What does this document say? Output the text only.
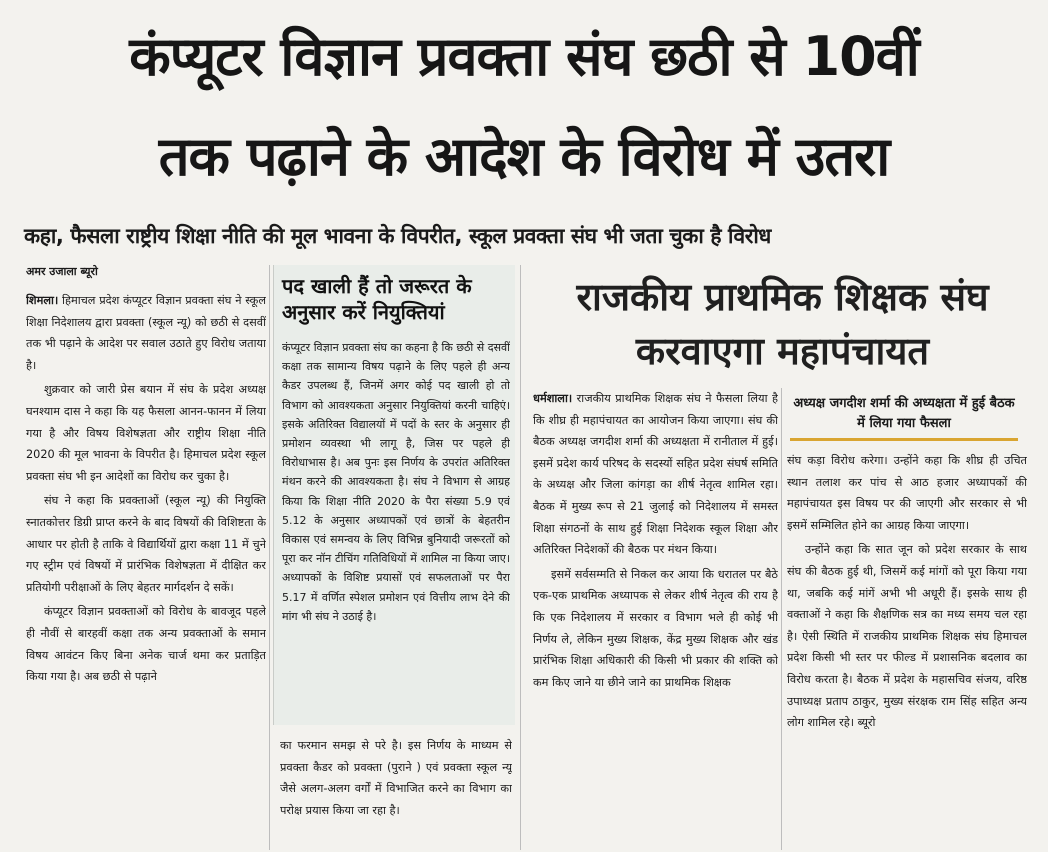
कंप्यूटर विज्ञान प्रवक्ता संघ छठी से 10वीं
तक पढ़ाने के आदेश के विरोध में उतरा
कहा, फैसला राष्ट्रीय शिक्षा नीति की मूल भावना के विपरीत, स्कूल प्रवक्ता संघ भी जता चुका है विरोध
अमर उजाला ब्यूरो

शिमला। हिमाचल प्रदेश कंप्यूटर विज्ञान प्रवक्ता संघ ने स्कूल शिक्षा निदेशालय द्वारा प्रवक्ता (स्कूल न्यू) को छठी से दसवीं तक भी पढ़ाने के आदेश पर सवाल उठाते हुए विरोध जताया है।

शुक्रवार को जारी प्रेस बयान में संघ के प्रदेश अध्यक्ष घनश्याम दास ने कहा कि यह फैसला आनन-फानन में लिया गया है और विषय विशेषज्ञता और राष्ट्रीय शिक्षा नीति 2020 की मूल भावना के विपरीत है। हिमाचल प्रदेश स्कूल प्रवक्ता संघ भी इन आदेशों का विरोध कर चुका है।

संघ ने कहा कि प्रवक्ताओं (स्कूल न्यू) की नियुक्ति स्नातकोत्तर डिग्री प्राप्त करने के बाद विषयों की विशिष्टता के आधार पर होती है ताकि वे विद्यार्थियों द्वारा कक्षा 11 में चुने गए स्ट्रीम एवं विषयों में प्रारंभिक विशेषज्ञता में दीक्षित कर प्रतियोगी परीक्षाओं के लिए बेहतर मार्गदर्शन दे सकें।

कंप्यूटर विज्ञान प्रवक्ताओं को विरोध के बावजूद पहले ही नौवीं से बारहवीं कक्षा तक अन्य प्रवक्ताओं के समान विषय आवंटन किए बिना अनेक चार्ज थमा कर प्रताड़ित किया गया है। अब छठी से पढ़ाने

पद खाली हैं तो जरूरत के अनुसार करें नियुक्तियां
कंप्यूटर विज्ञान प्रवक्ता संघ का कहना है कि छठी से दसवीं कक्षा तक सामान्य विषय पढ़ाने के लिए पहले ही अन्य कैडर उपलब्ध हैं, जिनमें अगर कोई पद खाली हो तो विभाग को आवश्यकता अनुसार नियुक्तियां करनी चाहिएं। इसके अतिरिक्त विद्यालयों में पदों के स्तर के अनुसार ही प्रमोशन व्यवस्था भी लागू है, जिस पर पहले ही विरोधाभास है। अब पुनः इस निर्णय के उपरांत अतिरिक्त मंथन करने की आवश्यकता है। संघ ने विभाग से आग्रह किया कि शिक्षा नीति 2020 के पैरा संख्या 5.9 एवं 5.12 के अनुसार अध्यापकों एवं छात्रों के बेहतरीन विकास एवं समन्वय के लिए विभिन्न बुनियादी जरूरतों को पूरा कर नॉन टीचिंग गतिविधियों में शामिल ना किया जाए। अध्यापकों के विशिष्ट प्रयासों एवं सफलताओं पर पैरा 5.17 में वर्णित स्पेशल प्रमोशन एवं वित्तीय लाभ देने की मांग भी संघ ने उठाई है।

का फरमान समझ से परे है। इस निर्णय के माध्यम से प्रवक्ता कैडर को प्रवक्ता (पुराने ) एवं प्रवक्ता स्कूल न्यू जैसे अलग-अलग वर्गों में विभाजित करने का विभाग का परोक्ष प्रयास किया जा रहा है।

राजकीय प्राथमिक शिक्षक संघ करवाएगा महापंचायत

धर्मशाला। राजकीय प्राथमिक शिक्षक संघ ने फैसला लिया है कि शीघ्र ही महापंचायत का आयोजन किया जाएगा। संघ की बैठक अध्यक्ष जगदीश शर्मा की अध्यक्षता में रानीताल में हुई। इसमें प्रदेश कार्य परिषद के सदस्यों सहित प्रदेश संघर्ष समिति के अध्यक्ष और जिला कांगड़ा का शीर्ष नेतृत्व शामिल रहा। बैठक में मुख्य रूप से 21 जुलाई को निदेशालय में समस्त शिक्षा संगठनों के साथ हुई शिक्षा निदेशक स्कूल शिक्षा और अतिरिक्त निदेशकों की बैठक पर मंथन किया।

इसमें सर्वसम्मति से निकल कर आया कि धरातल पर बैठे एक-एक प्राथमिक अध्यापक से लेकर शीर्ष नेतृत्व की राय है कि एक निदेशालय में सरकार व विभाग भले ही कोई भी निर्णय ले, लेकिन मुख्य शिक्षक, केंद्र मुख्य शिक्षक और खंड प्रारंभिक शिक्षा अधिकारी की किसी भी प्रकार की शक्ति को कम किए जाने या छीने जाने का प्राथमिक शिक्षक

अध्यक्ष जगदीश शर्मा की अध्यक्षता में हुई बैठक में लिया गया फैसला

संघ कड़ा विरोध करेगा। उन्होंने कहा कि शीघ्र ही उचित स्थान तलाश कर पांच से आठ हजार अध्यापकों की महापंचायत इस विषय पर की जाएगी और सरकार से भी इसमें सम्मिलित होने का आग्रह किया जाएगा।

उन्होंने कहा कि सात जून को प्रदेश सरकार के साथ संघ की बैठक हुई थी, जिसमें कई मांगों को पूरा किया गया था, जबकि कई मांगें अभी भी अधूरी हैं। इसके साथ ही वक्ताओं ने कहा कि शैक्षणिक सत्र का मध्य समय चल रहा है। ऐसी स्थिति में राजकीय प्राथमिक शिक्षक संघ हिमाचल प्रदेश किसी भी स्तर पर फील्ड में प्रशासनिक बदलाव का विरोध करता है। बैठक में प्रदेश के महासचिव संजय, वरिष्ठ उपाध्यक्ष प्रताप ठाकुर, मुख्य संरक्षक राम सिंह सहित अन्य लोग शामिल रहे। ब्यूरो
